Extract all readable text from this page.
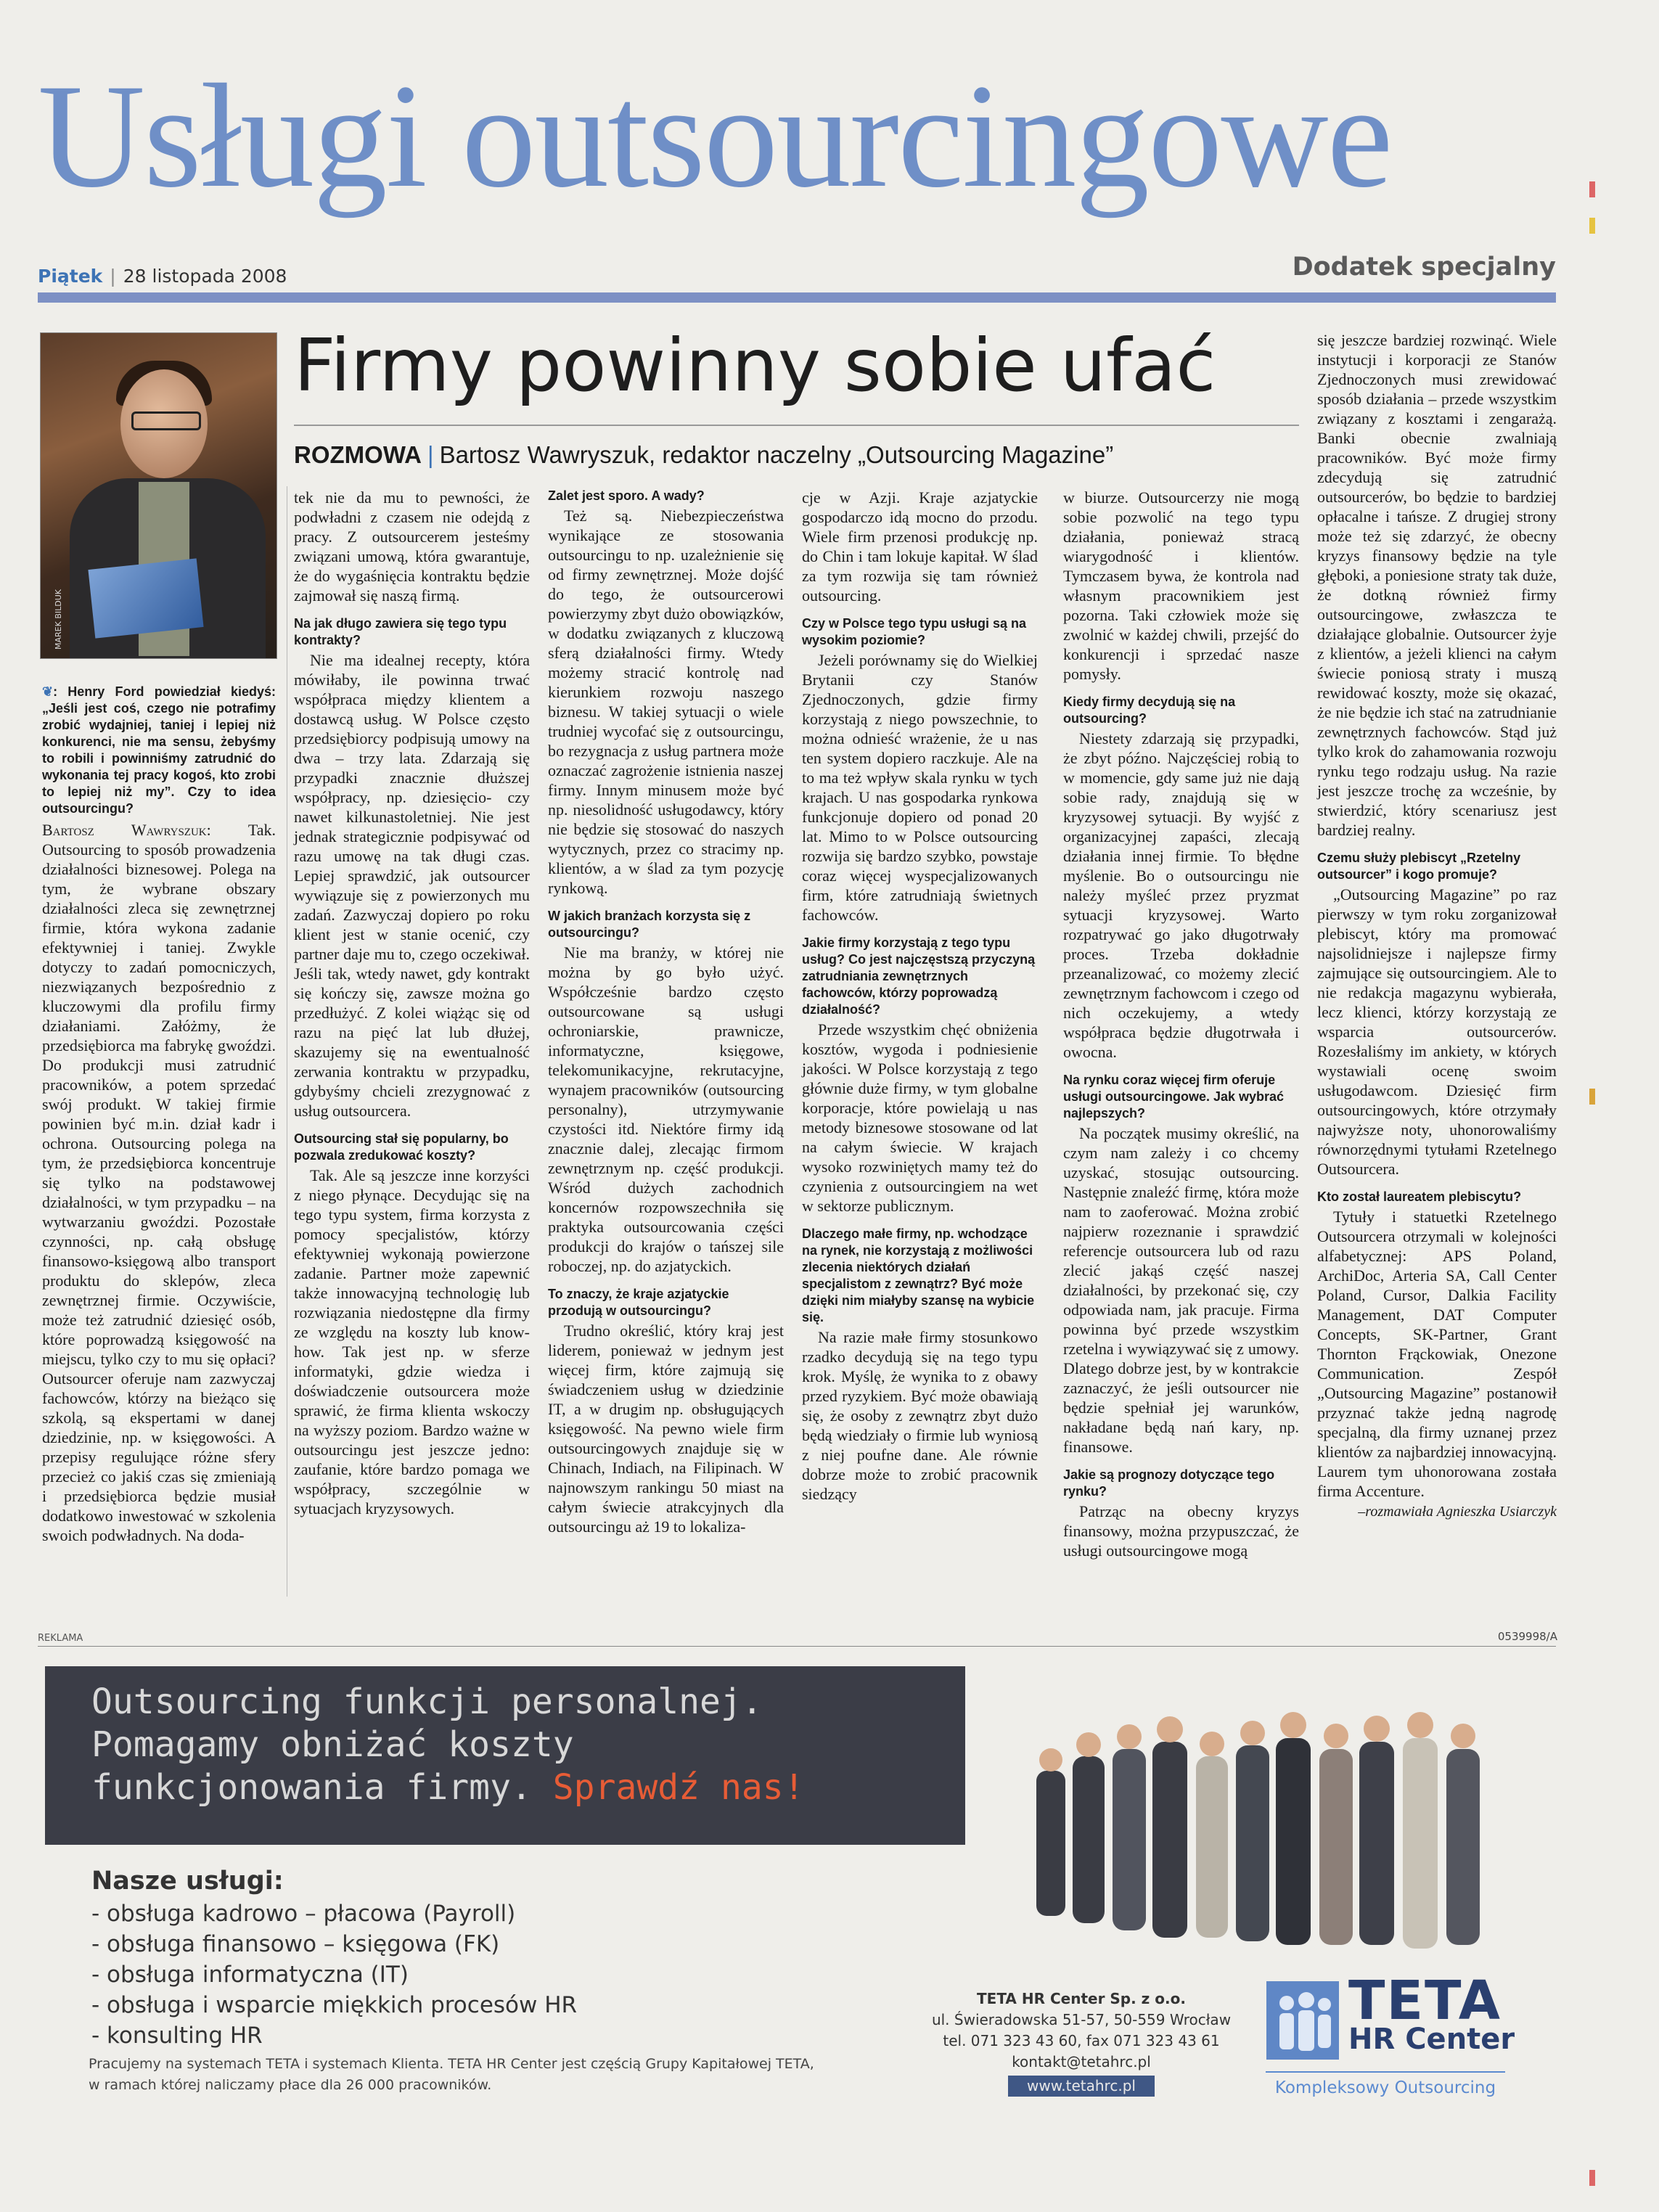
Usługi outsourcingowe
Piątek | 28 listopada 2008	Dodatek specjalny
MAREK BILDUK
Firmy powinny sobie ufać
ROZMOWA | Bartosz Wawryszuk, redaktor naczelny „Outsourcing Magazine”
❦: Henry Ford powiedział kiedyś: „Jeśli jest coś, czego nie potrafimy zrobić wydajniej, taniej i lepiej niż konkurenci, nie ma sensu, żebyśmy to robili i powinniśmy zatrudnić do wykonania tej pracy kogoś, kto zrobi to lepiej niż my”. Czy to idea outsourcingu?

Bartosz Wawryszuk: Tak. Outsourcing to sposób prowadzenia działalności biznesowej. Polega na tym, że wybrane obszary działalności zleca się zewnętrznej firmie, która wykona zadanie efektywniej i taniej. Zwykle dotyczy to zadań pomocniczych, niezwiązanych bezpośrednio z kluczowymi dla profilu firmy działaniami. Załóżmy, że przedsiębiorca ma fabrykę gwoździ. Do produkcji musi zatrudnić pracowników, a potem sprzedać swój produkt. W takiej firmie powinien być m.in. dział kadr i ochrona. Outsourcing polega na tym, że przedsiębiorca koncentruje się tylko na podstawowej działalności, w tym przypadku – na wytwarzaniu gwoździ. Pozostałe czynności, np. całą obsługę finansowo-księgową albo transport produktu do sklepów, zleca zewnętrznej firmie. Oczywiście, może też zatrudnić dziesięć osób, które poprowadzą księgowość na miejscu, tylko czy to mu się opłaci? Outsourcer oferuje nam zazwyczaj fachowców, którzy na bieżąco się szkolą, są ekspertami w danej dziedzinie, np. w księgowości. A przepisy regulujące różne sfery przecież co jakiś czas się zmieniają i przedsiębiorca będzie musiał dodatkowo inwestować w szkolenia swoich podwładnych. Na doda-

tek nie da mu to pewności, że podwładni z czasem nie odejdą z pracy. Z outsourcerem jesteśmy związani umową, która gwarantuje, że do wygaśnięcia kontraktu będzie zajmował się naszą firmą.

Na jak długo zawiera się tego typu kontrakty?

Nie ma idealnej recepty, która mówiłaby, ile powinna trwać współpraca między klientem a dostawcą usług. W Polsce często przedsiębiorcy podpisują umowy na dwa – trzy lata. Zdarzają się przypadki znacznie dłuższej współpracy, np. dziesięcio- czy nawet kilkunastoletniej. Nie jest jednak strategicznie podpisywać od razu umowę na tak długi czas. Lepiej sprawdzić, jak outsourcer wywiązuje się z powierzonych mu zadań. Zazwyczaj dopiero po roku klient jest w stanie ocenić, czy partner daje mu to, czego oczekiwał. Jeśli tak, wtedy nawet, gdy kontrakt się kończy się, zawsze można go przedłużyć. Z kolei wiążąc się od razu na pięć lat lub dłużej, skazujemy się na ewentualność zerwania kontraktu w przypadku, gdybyśmy chcieli zrezygnować z usług outsourcera.

Outsourcing stał się popularny, bo pozwala zredukować koszty?

Tak. Ale są jeszcze inne korzyści z niego płynące. Decydując się na tego typu system, firma korzysta z pomocy specjalistów, którzy efektywniej wykonają powierzone zadanie. Partner może zapewnić także innowacyjną technologię lub rozwiązania niedostępne dla firmy ze względu na koszty lub know-how. Tak jest np. w sferze informatyki, gdzie wiedza i doświadczenie outsourcera może sprawić, że firma klienta wskoczy na wyższy poziom. Bardzo ważne w outsourcingu jest jeszcze jedno: zaufanie, które bardzo pomaga we współpracy, szczególnie w sytuacjach kryzysowych.

Zalet jest sporo. A wady?

Też są. Niebezpieczeństwa wynikające ze stosowania outsourcingu to np. uzależnienie się od firmy zewnętrznej. Może dojść do tego, że outsourcerowi powierzymy zbyt dużo obowiązków, w dodatku związanych z kluczową sferą działalności firmy. Wtedy możemy stracić kontrolę nad kierunkiem rozwoju naszego biznesu. W takiej sytuacji o wiele trudniej wycofać się z outsourcingu, bo rezygnacja z usług partnera może oznaczać zagrożenie istnienia naszej firmy. Innym minusem może być np. niesolidność usługodawcy, który nie będzie się stosować do naszych wytycznych, przez co stracimy np. klientów, a w ślad za tym pozycję rynkową.

W jakich branżach korzysta się z outsourcingu?

Nie ma branży, w której nie można by go było użyć. Współcześnie bardzo często outsourcowane są usługi ochroniarskie, prawnicze, informatyczne, księgowe, telekomunikacyjne, rekrutacyjne, wynajem pracowników (outsourcing personalny), utrzymywanie czystości itd. Niektóre firmy idą znacznie dalej, zlecając firmom zewnętrznym np. część produkcji. Wśród dużych zachodnich koncernów rozpowszechniła się praktyka outsourcowania części produkcji do krajów o tańszej sile roboczej, np. do azjatyckich.

To znaczy, że kraje azjatyckie przodują w outsourcingu?

Trudno określić, który kraj jest liderem, ponieważ w jednym jest więcej firm, które zajmują się świadczeniem usług w dziedzinie IT, a w drugim np. obsługujących księgowość. Na pewno wiele firm outsourcingowych znajduje się w Chinach, Indiach, na Filipinach. W najnowszym rankingu 50 miast na całym świecie atrakcyjnych dla outsourcingu aż 19 to lokaliza-

cje w Azji. Kraje azjatyckie gospodarczo idą mocno do przodu. Wiele firm przenosi produkcję np. do Chin i tam lokuje kapitał. W ślad za tym rozwija się tam również outsourcing.

Czy w Polsce tego typu usługi są na wysokim poziomie?

Jeżeli porównamy się do Wielkiej Brytanii czy Stanów Zjednoczonych, gdzie firmy korzystają z niego powszechnie, to można odnieść wrażenie, że u nas ten system dopiero raczkuje. Ale na to ma też wpływ skala rynku w tych krajach. U nas gospodarka rynkowa funkcjonuje dopiero od ponad 20 lat. Mimo to w Polsce outsourcing rozwija się bardzo szybko, powstaje coraz więcej wyspecjalizowanych firm, które zatrudniają świetnych fachowców.

Jakie firmy korzystają z tego typu usług? Co jest najczęstszą przyczyną zatrudniania zewnętrznych fachowców, którzy poprowadzą działalność?

Przede wszystkim chęć obniżenia kosztów, wygoda i podniesienie jakości. W Polsce korzystają z tego głównie duże firmy, w tym globalne korporacje, które powielają u nas metody biznesowe stosowane od lat na całym świecie. W krajach wysoko rozwiniętych mamy też do czynienia z outsourcingiem na wet w sektorze publicznym.

Dlaczego małe firmy, np. wchodzące na rynek, nie korzystają z możliwości zlecenia niektórych działań specjalistom z zewnątrz? Być może dzięki nim miałyby szansę na wybicie się.

Na razie małe firmy stosunkowo rzadko decydują się na tego typu krok. Myślę, że wynika to z obawy przed ryzykiem. Być może obawiają się, że osoby z zewnątrz zbyt dużo będą wiedziały o firmie lub wyniosą z niej poufne dane. Ale równie dobrze może to zrobić pracownik siedzący

w biurze. Outsourcerzy nie mogą sobie pozwolić na tego typu działania, ponieważ stracą wiarygodność i klientów. Tymczasem bywa, że kontrola nad własnym pracownikiem jest pozorna. Taki człowiek może się zwolnić w każdej chwili, przejść do konkurencji i sprzedać nasze pomysły.

Kiedy firmy decydują się na outsourcing?

Niestety zdarzają się przypadki, że zbyt późno. Najczęściej robią to w momencie, gdy same już nie dają sobie rady, znajdują się w kryzysowej sytuacji. By wyjść z organizacyjnej zapaści, zlecają działania innej firmie. To błędne myślenie. Bo o outsourcingu nie należy myśleć przez pryzmat sytuacji kryzysowej. Warto rozpatrywać go jako długotrwały proces. Trzeba dokładnie przeanalizować, co możemy zlecić zewnętrznym fachowcom i czego od nich oczekujemy, a wtedy współpraca będzie długotrwała i owocna.

Na rynku coraz więcej firm oferuje usługi outsourcingowe. Jak wybrać najlepszych?

Na początek musimy określić, na czym nam zależy i co chcemy uzyskać, stosując outsourcing. Następnie znaleźć firmę, która może nam to zaoferować. Można zrobić najpierw rozeznanie i sprawdzić referencje outsourcera lub od razu zlecić jakąś część naszej działalności, by przekonać się, czy odpowiada nam, jak pracuje. Firma powinna być przede wszystkim rzetelna i wywiązywać się z umowy. Dlatego dobrze jest, by w kontrakcie zaznaczyć, że jeśli outsourcer nie będzie spełniał jej warunków, nakładane będą nań kary, np. finansowe.

Jakie są prognozy dotyczące tego rynku?

Patrząc na obecny kryzys finansowy, można przypuszczać, że usługi outsourcingowe mogą

się jeszcze bardziej rozwinąć. Wiele instytucji i korporacji ze Stanów Zjednoczonych musi zrewidować sposób działania – przede wszystkim związany z kosztami i zengarażą. Banki obecnie zwalniają pracowników. Być może firmy zdecydują się zatrudnić outsourcerów, bo będzie to bardziej opłacalne i tańsze. Z drugiej strony może też się zdarzyć, że obecny kryzys finansowy będzie na tyle głęboki, a poniesione straty tak duże, że dotkną również firmy outsourcingowe, zwłaszcza te działające globalnie. Outsourcer żyje z klientów, a jeżeli klienci na całym świecie poniosą straty i muszą rewidować koszty, może się okazać, że nie będzie ich stać na zatrudnianie zewnętrznych fachowców. Stąd już tylko krok do zahamowania rozwoju rynku tego rodzaju usług. Na razie jest jeszcze trochę za wcześnie, by stwierdzić, który scenariusz jest bardziej realny.

Czemu służy plebiscyt „Rzetelny outsourcer” i kogo promuje?

„Outsourcing Magazine” po raz pierwszy w tym roku zorganizował plebiscyt, który ma promować najsolidniejsze i najlepsze firmy zajmujące się outsourcingiem. Ale to nie redakcja magazynu wybierała, lecz klienci, którzy korzystają ze wsparcia outsourcerów. Rozesłaliśmy im ankiety, w których wystawiali ocenę swoim usługodawcom. Dziesięć firm outsourcingowych, które otrzymały najwyższe noty, uhonorowaliśmy równorzędnymi tytułami Rzetelnego Outsourcera.

Kto został laureatem plebiscytu?

Tytuły i statuetki Rzetelnego Outsourcera otrzymali w kolejności alfabetycznej: APS Poland, ArchiDoc, Arteria SA, Call Center Poland, Cursor, Dalkia Facility Management, DAT Computer Concepts, SK-Partner, Grant Thornton Frąckowiak, Onezone Communication. Zespół „Outsourcing Magazine” postanowił przyznać także jedną nagrodę specjalną, dla firmy uznanej przez klientów za najbardziej innowacyjną. Laurem tym uhonorowana została firma Accenture.

–rozmawiała Agnieszka Usiarczyk
REKLAMA	0539998/A
Outsourcing funkcji personalnej.
Pomagamy obniżać koszty
funkcjonowania firmy. Sprawdź nas!
Nasze usługi:
- obsługa kadrowo – płacowa (Payroll)
- obsługa finansowo – księgowa (FK)
- obsługa informatyczna (IT)
- obsługa i wsparcie miękkich procesów HR
- konsulting HR
Pracujemy na systemach TETA i systemach Klienta. TETA HR Center jest częścią Grupy Kapitałowej TETA,
w ramach której naliczamy płace dla 26 000 pracowników.
TETA HR Center Sp. z o.o.
ul. Świeradowska 51-57, 50-559 Wrocław
tel. 071 323 43 60, fax 071 323 43 61
kontakt@tetahrc.pl
www.tetahrc.pl
TETA
HR Center
Kompleksowy Outsourcing
